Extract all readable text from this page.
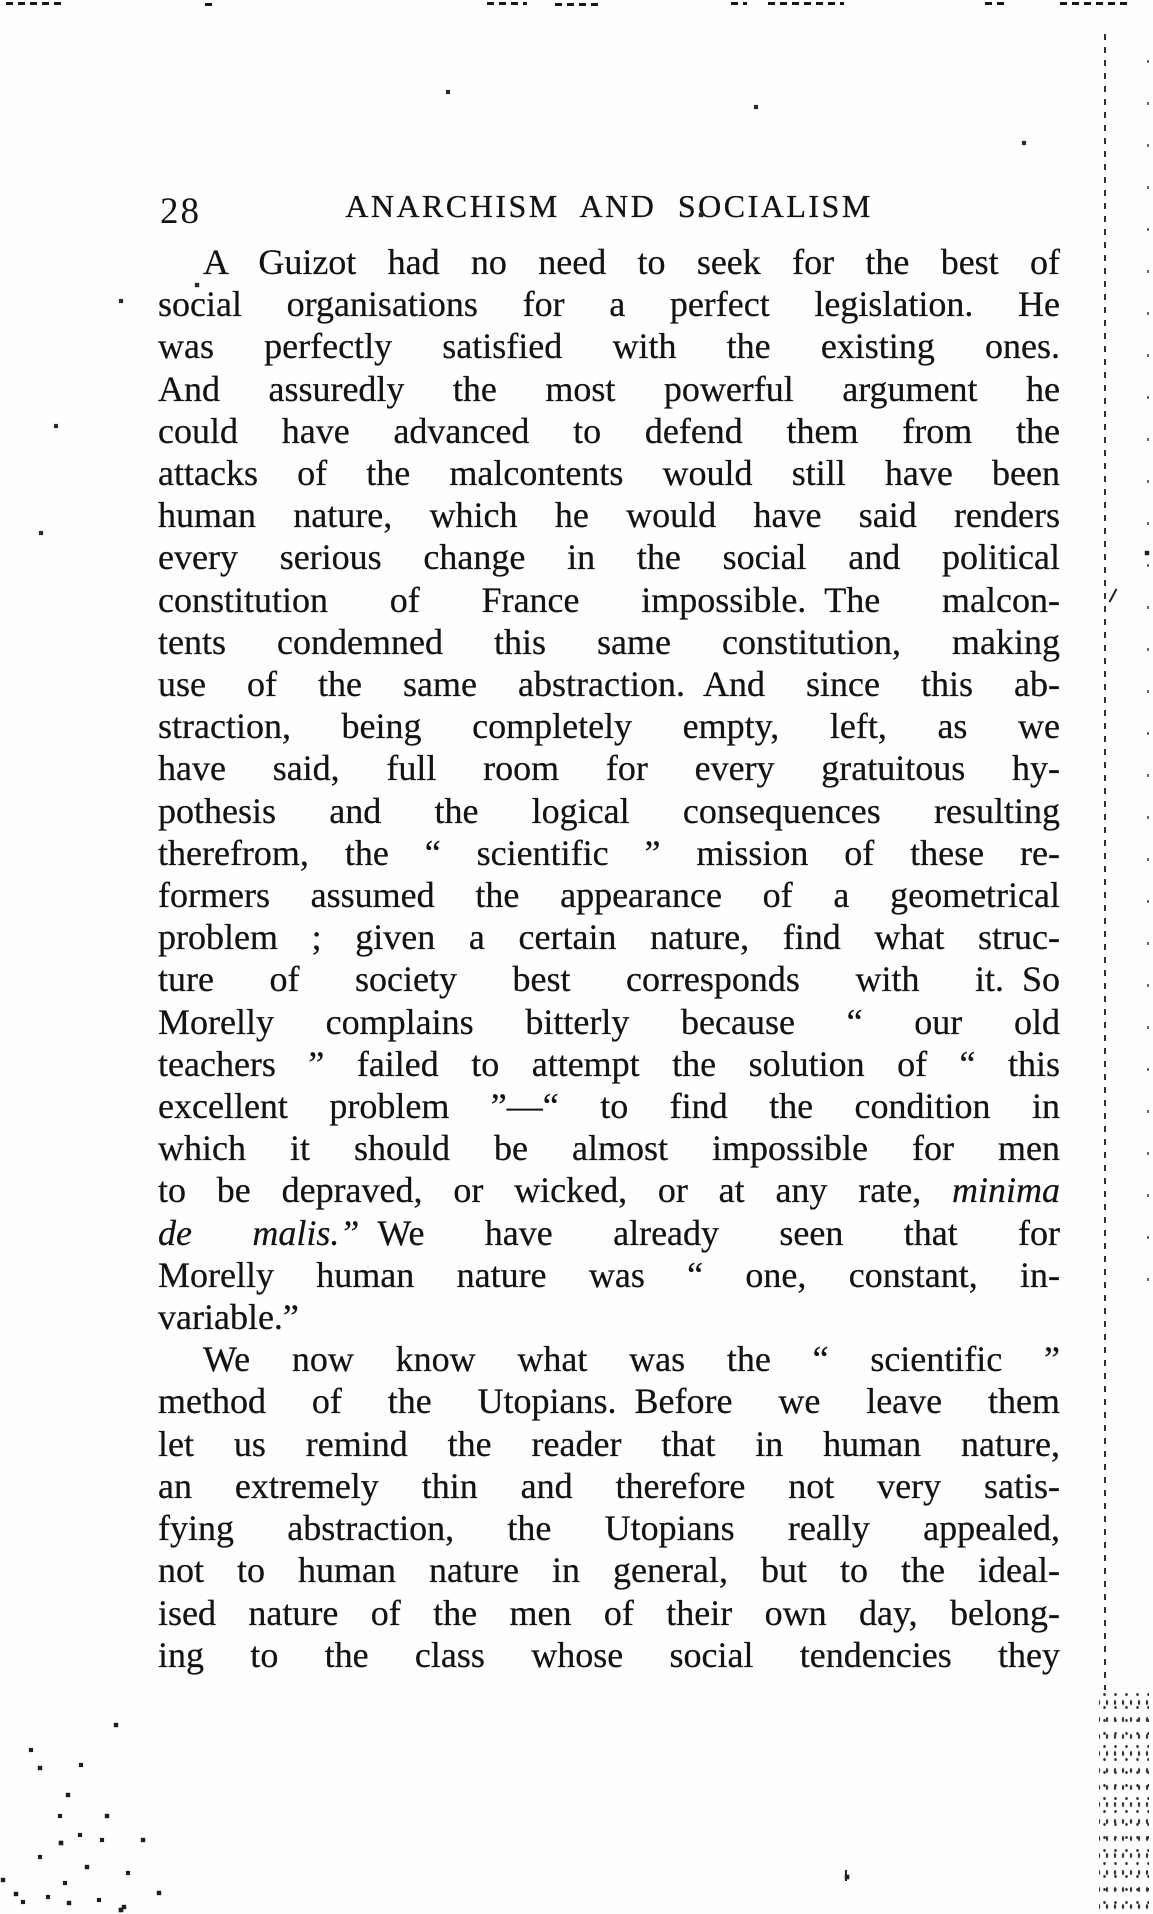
28	ANARCHISM AND SOCIALISM
A Guizot had no need to seek for the best of
social organisations for a perfect legislation. He
was perfectly satisfied with the existing ones.
And assuredly the most powerful argument he
could have advanced to defend them from the
attacks of the malcontents would still have been
human nature, which he would have said renders
every serious change in the social and political
constitution of France impossible. The malcon-
tents condemned this same constitution, making
use of the same abstraction. And since this ab-
straction, being completely empty, left, as we
have said, full room for every gratuitous hy-
pothesis and the logical consequences resulting
therefrom, the “ scientific ” mission of these re-
formers assumed the appearance of a geometrical
problem ; given a certain nature, find what struc-
ture of society best corresponds with it. So
Morelly complains bitterly because “ our old
teachers ” failed to attempt the solution of “ this
excellent problem ”—“ to find the condition in
which it should be almost impossible for men
to be depraved, or wicked, or at any rate, minima
de malis.” We have already seen that for
Morelly human nature was “ one, constant, in-
variable.”
We now know what was the “ scientific ”
method of the Utopians. Before we leave them
let us remind the reader that in human nature,
an extremely thin and therefore not very satis-
fying abstraction, the Utopians really appealed,
not to human nature in general, but to the ideal-
ised nature of the men of their own day, belong-
ing to the class whose social tendencies they
